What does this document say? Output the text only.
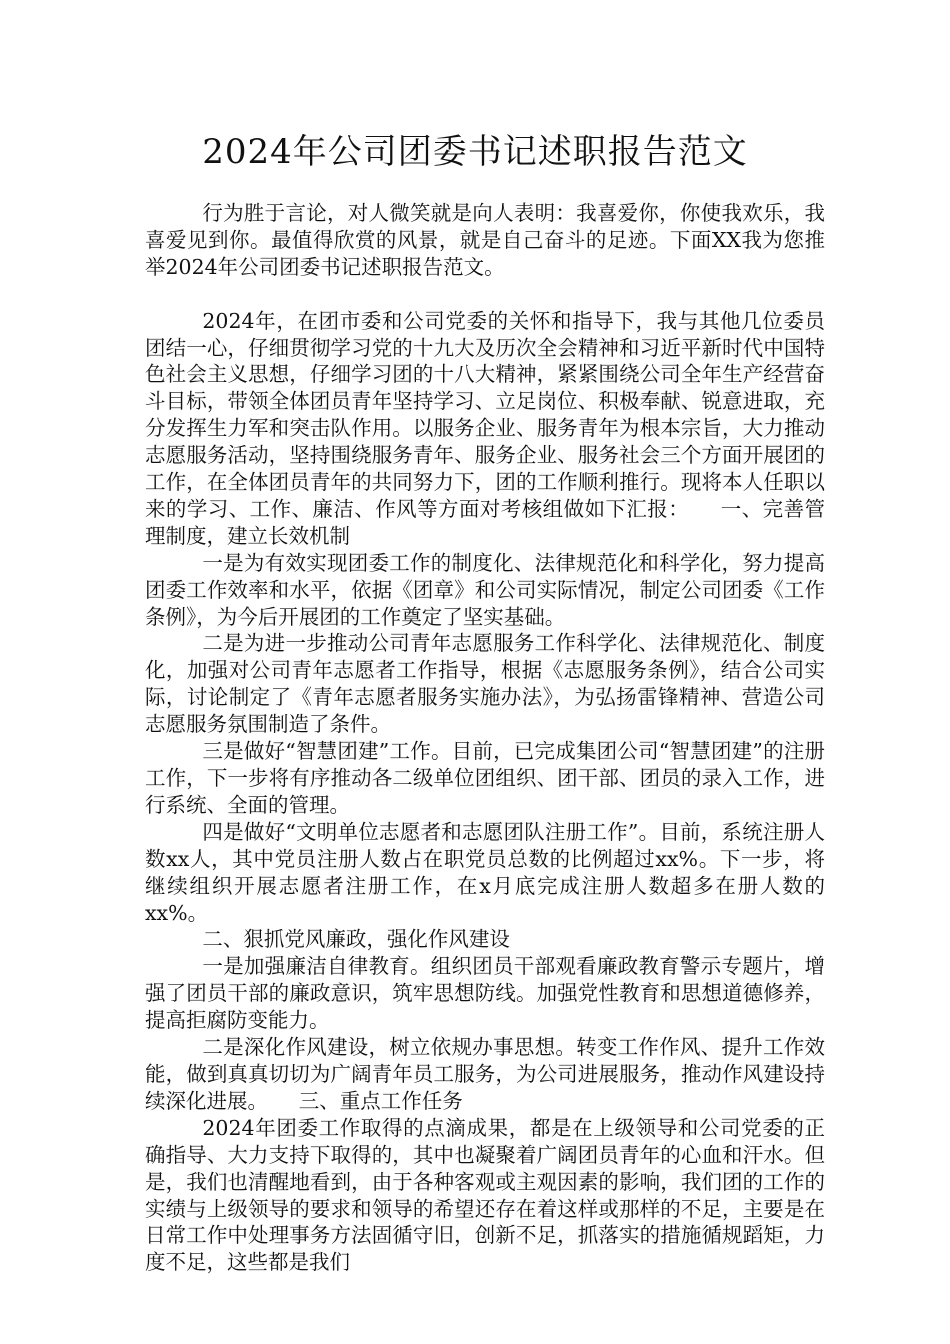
2024年公司团委书记述职报告范文

行为胜于言论，对人微笑就是向人表明：我喜爱你，你使我欢乐，我喜爱见到你。最值得欣赏的风景，就是自己奋斗的足迹。下面XX我为您推举2024年公司团委书记述职报告范文。

2024年，在团市委和公司党委的关怀和指导下，我与其他几位委员团结一心，仔细贯彻学习党的十九大及历次全会精神和习近平新时代中国特色社会主义思想，仔细学习团的十八大精神，紧紧围绕公司全年生产经营奋斗目标，带领全体团员青年坚持学习、立足岗位、积极奉献、锐意进取，充分发挥生力军和突击队作用。以服务企业、服务青年为根本宗旨，大力推动志愿服务活动，坚持围绕服务青年、服务企业、服务社会三个方面开展团的工作，在全体团员青年的共同努力下，团的工作顺利推行。现将本人任职以来的学习、工作、廉洁、作风等方面对考核组做如下汇报：　　一、完善管理制度，建立长效机制

一是为有效实现团委工作的制度化、法律规范化和科学化，努力提高团委工作效率和水平，依据《团章》和公司实际情况，制定公司团委《工作条例》，为今后开展团的工作奠定了坚实基础。

二是为进一步推动公司青年志愿服务工作科学化、法律规范化、制度化，加强对公司青年志愿者工作指导，根据《志愿服务条例》，结合公司实际，讨论制定了《青年志愿者服务实施办法》，为弘扬雷锋精神、营造公司志愿服务氛围制造了条件。

三是做好“智慧团建”工作。目前，已完成集团公司“智慧团建”的注册工作，下一步将有序推动各二级单位团组织、团干部、团员的录入工作，进行系统、全面的管理。

四是做好“文明单位志愿者和志愿团队注册工作”。目前，系统注册人数xx人，其中党员注册人数占在职党员总数的比例超过xx%。下一步，将继续组织开展志愿者注册工作，在x月底完成注册人数超多在册人数的xx%。

二、狠抓党风廉政，强化作风建设

一是加强廉洁自律教育。组织团员干部观看廉政教育警示专题片，增强了团员干部的廉政意识，筑牢思想防线。加强党性教育和思想道德修养，提高拒腐防变能力。

二是深化作风建设，树立依规办事思想。转变工作作风、提升工作效能，做到真真切切为广阔青年员工服务，为公司进展服务，推动作风建设持续深化进展。　　三、重点工作任务

2024年团委工作取得的点滴成果，都是在上级领导和公司党委的正确指导、大力支持下取得的，其中也凝聚着广阔团员青年的心血和汗水。但是，我们也清醒地看到，由于各种客观或主观因素的影响，我们团的工作的实绩与上级领导的要求和领导的希望还存在着这样或那样的不足，主要是在日常工作中处理事务方法固循守旧，创新不足，抓落实的措施循规蹈矩，力度不足，这些都是我们
